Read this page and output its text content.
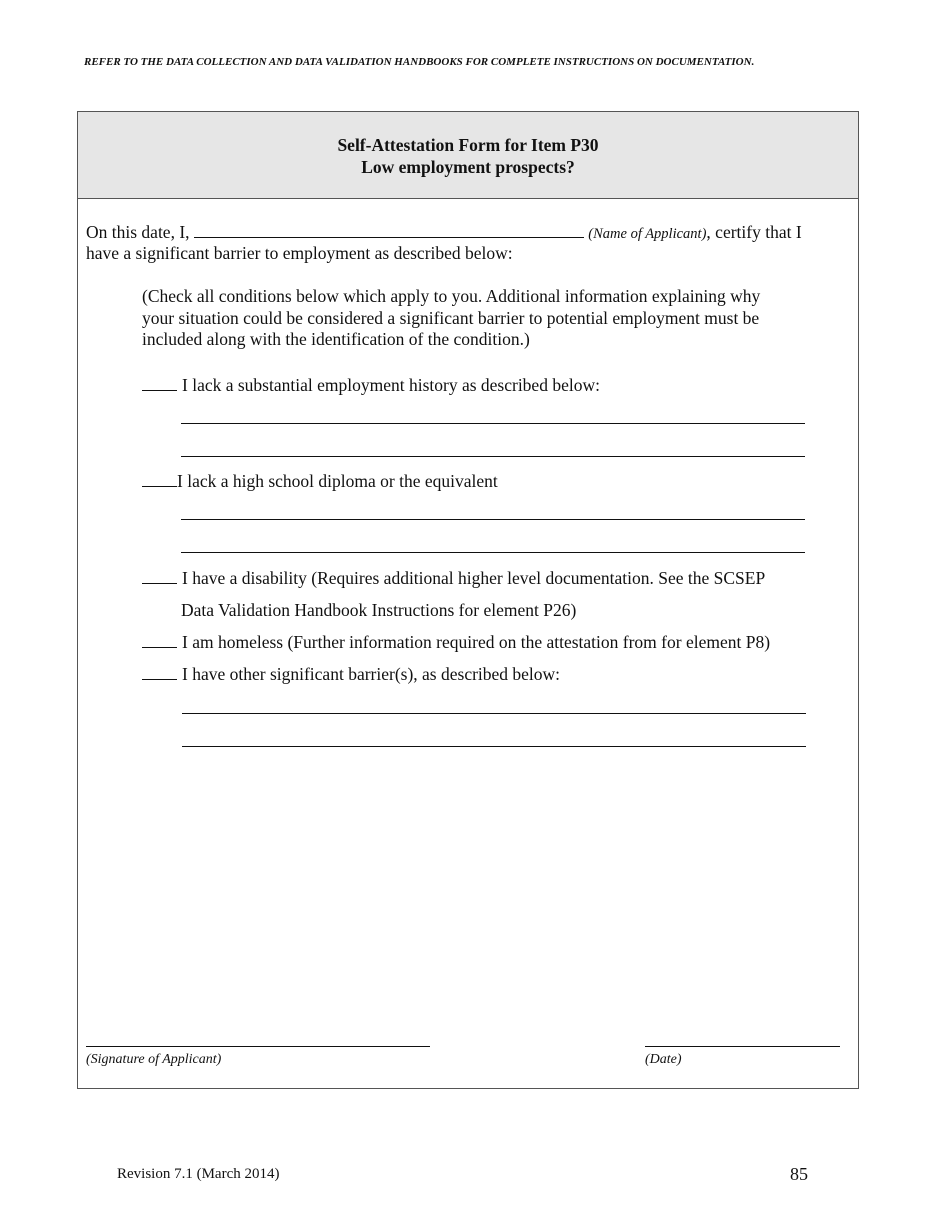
REFER TO THE DATA COLLECTION AND DATA VALIDATION HANDBOOKS FOR COMPLETE INSTRUCTIONS ON DOCUMENTATION.
Self-Attestation Form for Item P30
Low employment prospects?
On this date, I,	(Name of Applicant), certify that I
have a significant barrier to employment as described below:
(Check all conditions below which apply to you. Additional information explaining why
your situation could be considered a significant barrier to potential employment must be
included along with the identification of the condition.)
I lack a substantial employment history as described below:
I lack a high school diploma or the equivalent
I have a disability (Requires additional higher level documentation. See the SCSEP
Data Validation Handbook Instructions for element P26)
I am homeless (Further information required on the attestation from for element P8)
I have other significant barrier(s), as described below:
(Signature of Applicant)	(Date)
Revision 7.1 (March 2014)	85
